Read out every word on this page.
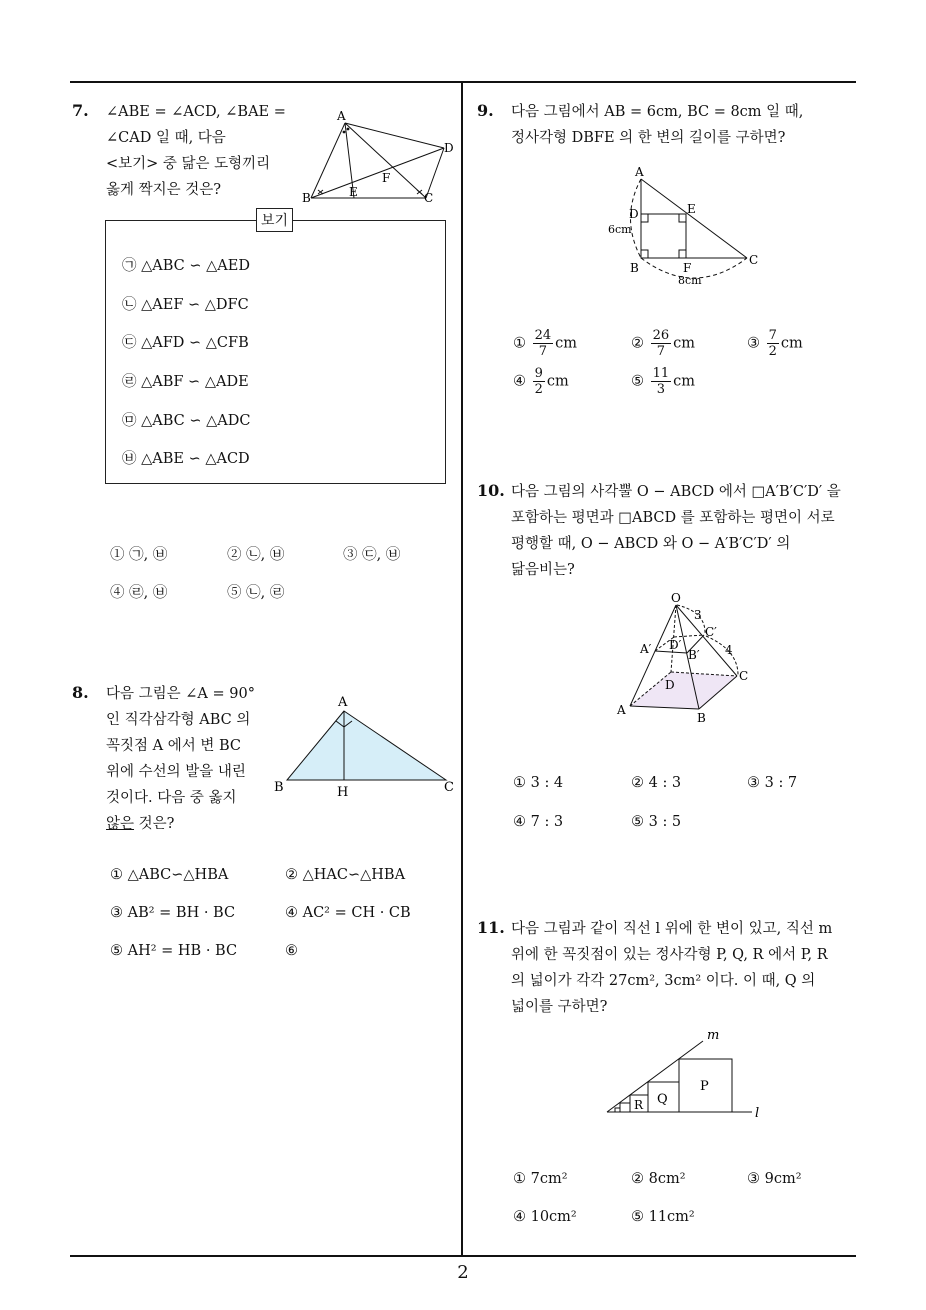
2
7. ∠ABE = ∠ACD, ∠BAE =
∠CAD 일 때, 다음
<보기> 중 닮은 도형끼리
옳게 짝지은 것은?
A
B	C
D
E
F
보기
㉠ △ABC ∽ △AED
㉡ △AEF ∽ △DFC
㉢ △AFD ∽ △CFB
㉣ △ABF ∽ △ADE
㉤ △ABC ∽ △ADC
㉥ △ABE ∽ △ACD
① ㉠, ㉥	② ㉡, ㉥	③ ㉢, ㉥
④ ㉣, ㉥	⑤ ㉡, ㉣
8. 다음 그림은 ∠A = 90°
인 직각삼각형 ABC 의
꼭짓점 A 에서 변 BC
위에 수선의 발을 내린
것이다. 다음 중 옳지
않은 것은?
A
B	C
H
① △ABC∽△HBA	② △HAC∽△HBA
③ AB² = BH · BC	④ AC² = CH · CB
⑤ AH² = HB · BC	⑥
9. 다음 그림에서 AB = 6cm, BC = 8cm 일 때,
정사각형 DBFE 의 한 변의 길이를 구하면?
A
B
C
D	E
F
6cm
8cm
① $\frac{24}{7}$ cm	② $\frac{26}{7}$ cm	③ $\frac{7}{2}$ cm
④ $\frac{9}{2}$ cm	⑤ $\frac{11}{3}$ cm
10. 다음 그림의 사각뿔 O − ABCD 에서 □A′B′C′D′ 을
포함하는 평면과 □ABCD 를 포함하는 평면이 서로
평행할 때, O − ABCD 와 O − A′B′C′D′ 의
닮음비는?
O
A
B
C
D
A′	B′
C′
D′
3
4
① 3 : 4	② 4 : 3	③ 3 : 7
④ 7 : 3	⑤ 3 : 5
11. 다음 그림과 같이 직선 l 위에 한 변이 있고, 직선 m
위에 한 꼭짓점이 있는 정사각형 P, Q, R 에서 P, R
의 넓이가 각각 27cm², 3cm² 이다. 이 때, Q 의
넓이를 구하면?
m
l
P
Q
R
① 7cm²	② 8cm²	③ 9cm²
④ 10cm²	⑤ 11cm²
